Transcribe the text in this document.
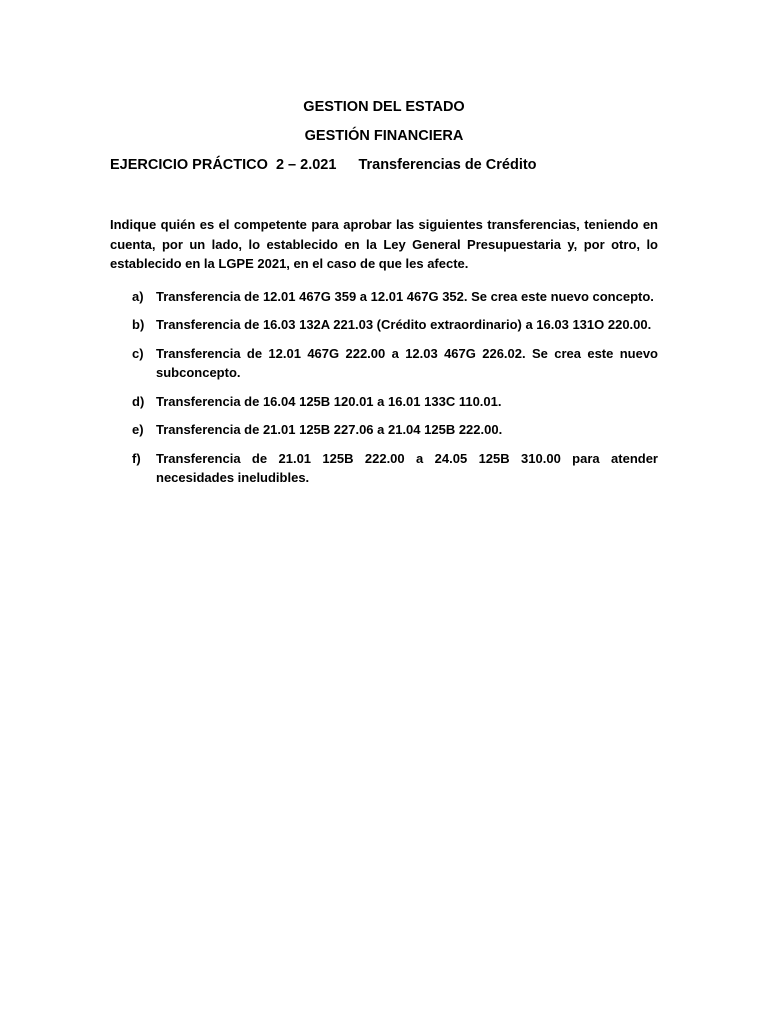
GESTION DEL ESTADO

GESTIÓN FINANCIERA

EJERCICIO PRÁCTICO  2 – 2.021 Transferencias de Crédito

Indique quién es el competente para aprobar las siguientes transferencias, teniendo en cuenta, por un lado, lo establecido en la Ley General Presupuestaria y, por otro, lo establecido en la LGPE 2021, en el caso de que les afecte.

a) Transferencia de 12.01 467G 359 a 12.01 467G 352. Se crea este nuevo concepto.
b) Transferencia de 16.03 132A 221.03 (Crédito extraordinario) a 16.03 131O 220.00.
c) Transferencia de 12.01 467G 222.00 a 12.03 467G 226.02. Se crea este nuevo subconcepto.
d) Transferencia de 16.04 125B 120.01 a 16.01 133C 110.01.
e) Transferencia de 21.01 125B 227.06 a 21.04 125B 222.00.
f) Transferencia de 21.01 125B 222.00 a 24.05 125B 310.00 para atender necesidades ineludibles.
